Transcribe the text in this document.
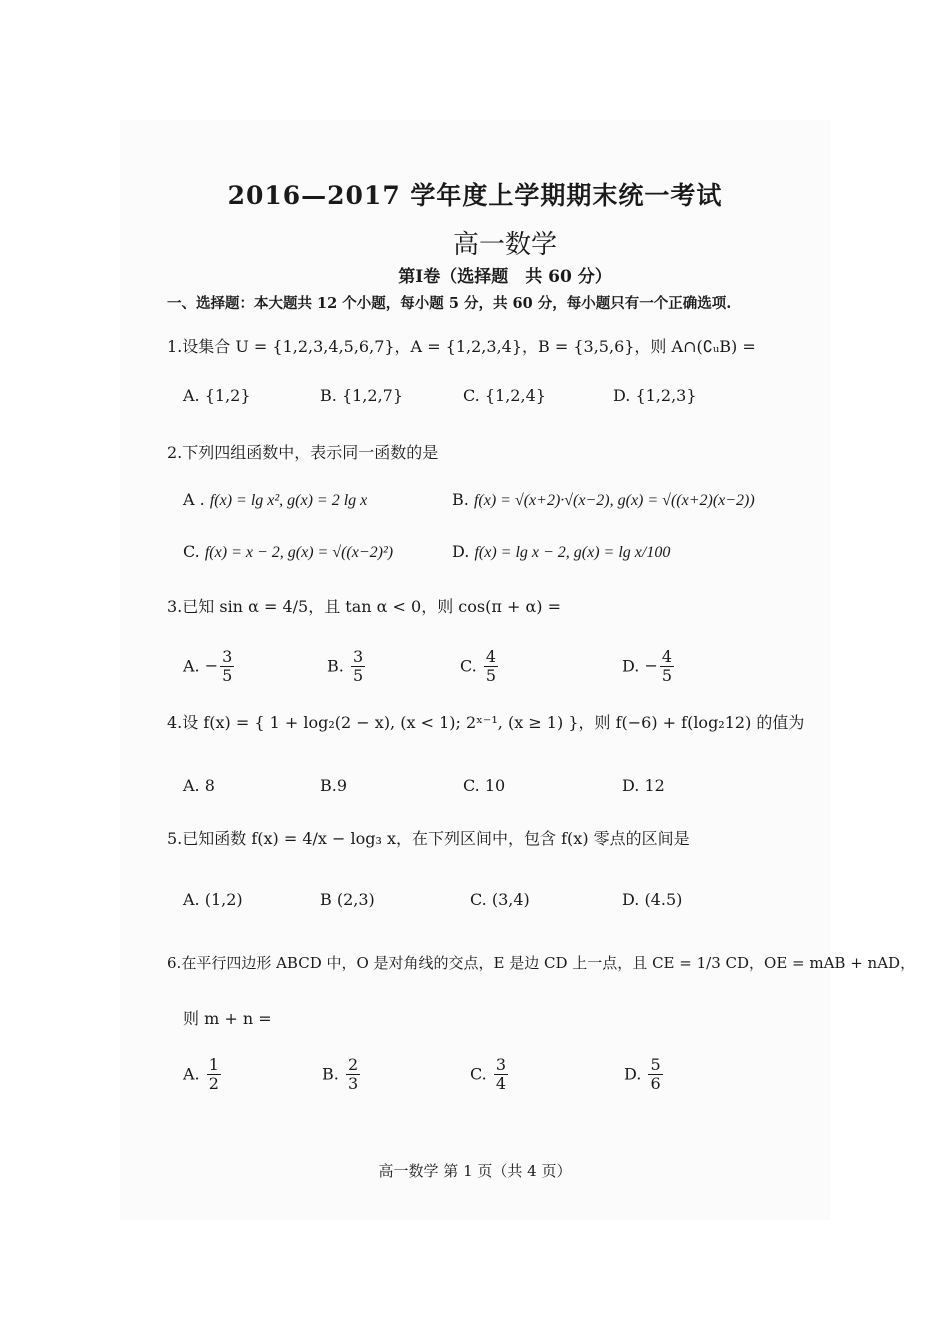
2016—2017 学年度上学期期末统一考试
高一数学
第Ⅰ卷（选择题　共 60 分）
一、选择题：本大题共 12 个小题，每小题 5 分，共 60 分，每小题只有一个正确选项.
1.设集合 U = {1,2,3,4,5,6,7}，A = {1,2,3,4}，B = {3,5,6}，则 A∩(∁ᵤB) =
A. {1,2}	B. {1,2,7}	C. {1,2,4}	D. {1,2,3}
2.下列四组函数中，表示同一函数的是
A . f(x) = lg x², g(x) = 2 lg x	B. f(x) = √(x+2)·√(x−2), g(x) = √((x+2)(x−2))
C. f(x) = x − 2, g(x) = √((x−2)²)	D. f(x) = lg x − 2, g(x) = lg x/100
3.已知 sin α = 4/5，且 tan α < 0，则 cos(π + α) =
A. − $\frac{3}{5}$	B. $\frac{3}{5}$	C. $\frac{4}{5}$	D. − $\frac{4}{5}$
4.设 f(x) = { 1 + log₂(2 − x), (x < 1); 2ˣ⁻¹, (x ≥ 1) }，则 f(−6) + f(log₂12) 的值为
A. 8	B.9	C. 10	D. 12
5.已知函数 f(x) = 4/x − log₃ x，在下列区间中，包含 f(x) 零点的区间是
A. (1,2)	B (2,3)	C. (3,4)	D. (4.5)
6.在平行四边形 ABCD 中，O 是对角线的交点，E 是边 CD 上一点，且 CE = 1/3 CD，OE = mAB + nAD，
则 m + n =
A. $\frac{1}{2}$	B. $\frac{2}{3}$	C. $\frac{3}{4}$	D. $\frac{5}{6}$
高一数学 第 1 页（共 4 页）
